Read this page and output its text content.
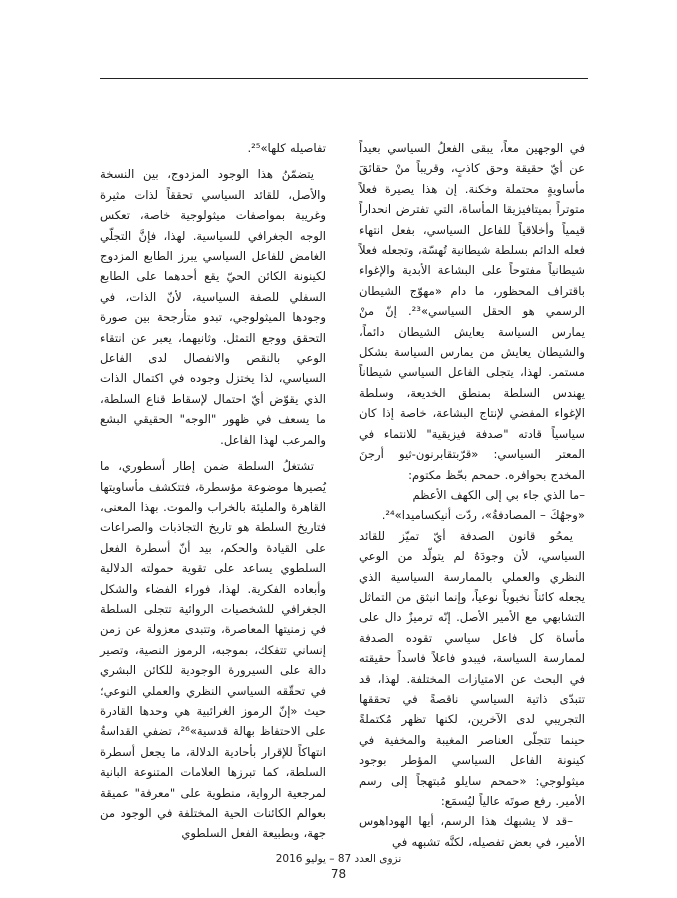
في الوجهين معاً، يبقى الفعلُ السياسي بعيداً عن أيّ حقيقة وحق كاذبٍ، وقريباً منْ حقائقَ مأساويةٍ محتملة وخكنة. إن هذا يصيرة فعلاً متوتراً بميتافيزيقا المأساة، التي تفترض انحداراً قيمياً وأخلاقياً للفاعل السياسي، بفعل انتهاء فعله الدائم بسلطة شيطانية تُهسّة، وتجعله فعلاً شيطانياً مفتوحاً على البشاعة الأبدية والإغواء باقتراف المحظور، ما دام «مهوّج الشيطان الرسمي هو الحقل السياسي»²³. إنّ منْ يمارس السياسة يعايش الشيطان دائماً، والشيطان يعايش من يمارس السياسة بشكل مستمر. لهذا، يتجلى الفاعل السياسي شيطاناً يهندس السلطة بمنطق الخديعة، وسلطة الإغواء المفضي لإنتاج البشاعة، خاصة إذا كان سياسياً قادته "صدفة فيزيقية" للانتماء في المعتر السياسي: «قرّبتقابرنون-ثيو أرجنَ المخدج بحوافره. حمحم بحّظ مكتوم:

–ما الذي جاء بي إلى الكهف الأعظم

«وجهُكَ – المصادفةُ»، ردّت أنيكساميدا»²⁴.

يمحُو قانون الصدفة أيّ تميّز للقائد السياسي، لأن وجودَهُ لم يتولّد من الوعي النظري والعملي بالممارسة السياسية الذي يجعله كائناً نخبوياً نوعياً، وإنما انبثق من التماثل التشابهي مع الأمير الأصل. إنّه ترميزٌ دال على مأساة كل فاعل سياسي تقوده الصدفة لممارسة السياسة، فيبدو فاعلاً فاسداً حقيقته في البحث عن الامتيازات المختلفة. لهذا، قد تتبدّى ذاتية السياسي ناقصةً في تحققها التجريبي لدى الآخرين، لكنها تظهر مُكتملةً حينما تتجلّى العناصر المغيبة والمخفية في كينونة الفاعل السياسي المؤطر بوجود ميثولوجي: «حمحم سايلو مُبتهجاً إلى رسم الأمير. رفع صوتَه عالياً ليُسمَع:

–قد لا يشبهك هذا الرسم، أيها الهوداهوس الأمير، في بعض تفصيله، لكنَّه تشبهه في

تفاصيله كلها»²⁵.

يتضمّنُ هذا الوجود المزدوج، بين النسخة والأصل، للقائد السياسي تحققاً لذات مثيرة وغريبة بمواصفات ميثولوجية خاصة، تعكس الوجه الجغرافي للسياسية. لهذا، فإنَّ التجلّي الغامض للفاعل السياسي يبرز الطابع المزدوج لكينونة الكائن الحيّ يقع أحدهما على الطابع السفلي للصفة السياسية، لأنّ الذات، في وجودها الميثولوجي، تبدو متأرجحة بين صورة التحقق ووجع التمثل. وثانيهما، يعبر عن انتقاء الوعي بالنقص والانفصال لدى الفاعل السياسي، لذا يختزل وجوده في اكتمال الذات الذي يقوّض أيّ احتمال لإسقاط قناع السلطة، ما يسعف في ظهور "الوجه" الحقيقي البشع والمرعب لهذا الفاعل.

تشتغلُ السلطة ضمن إطار أسطوري، ما يُصيرها موضوعة مؤسطرة، فتتكشف مأساويتها القاهرة والمليئة بالخراب والموت. بهذا المعنى، فتاريخ السلطة هو تاريخ التجاذبات والصراعات على القيادة والحكم، بيد أنّ أسطرة الفعل السلطوي يساعد على تقوية حمولته الدلالية وأبعاده الفكرية. لهذا، فوراء الفضاء والشكل الجغرافي للشخصيات الروائية تتجلى السلطة في زمنيتها المعاصرة، وتتبدى معزولة عن زمن إنساني تتفكك، بموجبه، الرموز النصية، وتصير دالة على السيرورة الوجودية للكائن البشري في تحقّقه السياسي النظري والعملي النوعي؛ حيث «إنّ الرموز الغرائبية هي وحدها القادرة على الاحتفاظ بهالة قدسية»²⁶، تضفي القداسةُ انتهاكاً للإقرار بأحادية الدلالة، ما يجعل أسطرة السلطة، كما تبرزها العلامات المتنوعة البانية لمرجعية الرواية، منطوية على "معرفة" عميقة بعوالم الكائنات الحية المختلفة في الوجود من جهة، وبطبيعة الفعل السلطوي

نزوى العدد 87 – يوليو 2016
78
